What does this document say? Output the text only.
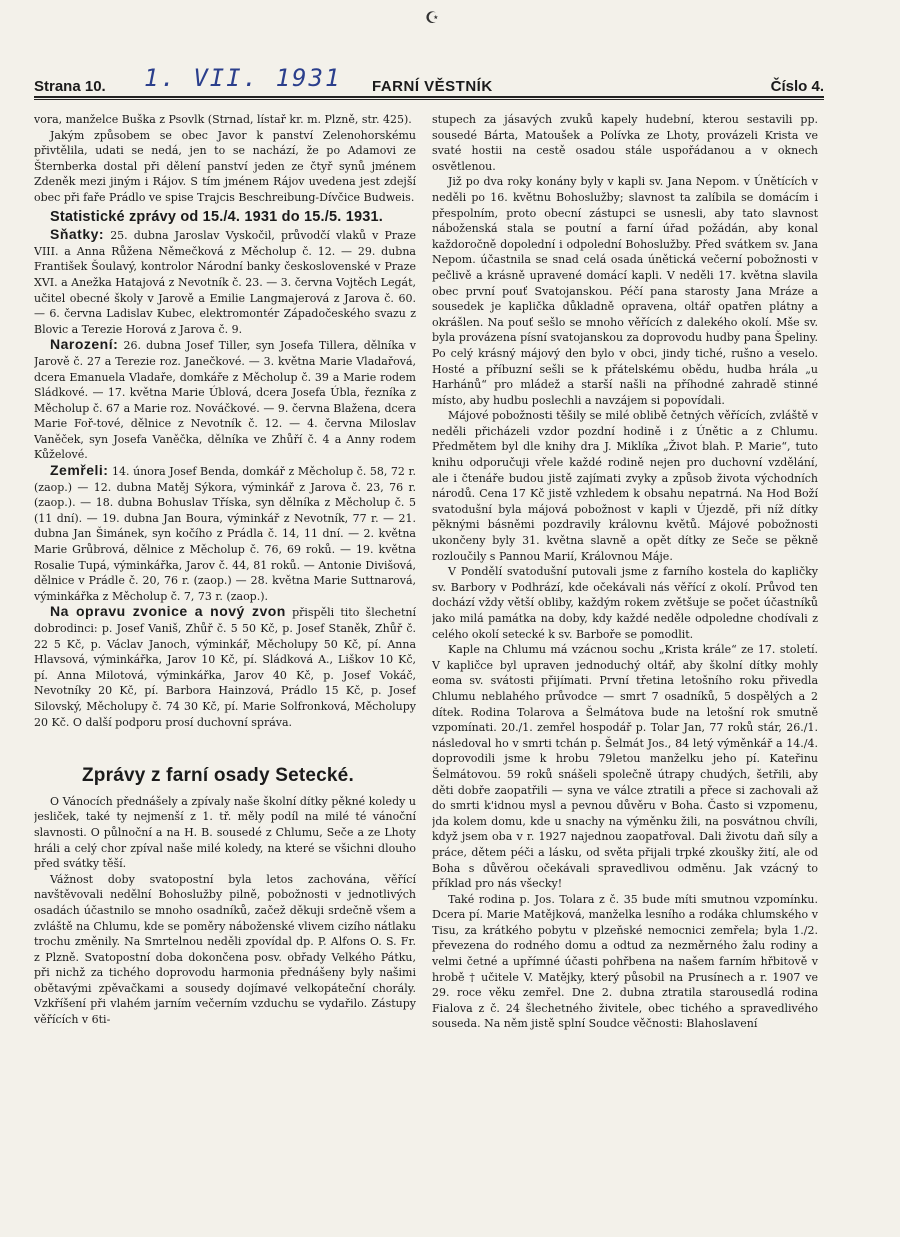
☪
Strana 10. 1. VII. 1931 FARNÍ VĚSTNÍK	Číslo 4.

vora, manželce Buška z Psovlk (Strnad, lístař kr. m. Plzně, str. 425).

Jakým způsobem se obec Javor k panství Zelenohorskému přivtělila, udati se nedá, jen to se nachází, že po Adamovi ze Šternberka dostal při dělení panství jeden ze čtyř synů jménem Zdeněk mezi jiným i Rájov. S tím jménem Rájov uvedena jest zdejší obec při faře Prádlo ve spise Trajcis Beschreibung-Dívčice Budweis.

Statistické zprávy od 15./4. 1931 do 15./5. 1931.

Sňatky: 25. dubna Jaroslav Vyskočil, průvodčí vlaků v Praze VIII. a Anna Růžena Němečková z Měcholup č. 12. — 29. dubna František Šoulavý, kontrolor Národní banky československé v Praze XVI. a Anežka Hatajová z Nevotník č. 23. — 3. června Vojtěch Legát, učitel obecné školy v Jarově a Emilie Langmajerová z Jarova č. 60. — 6. června Ladislav Kubec, elektromontér Západočeského svazu z Blovic a Terezie Horová z Jarova č. 9.

Narození: 26. dubna Josef Tiller, syn Josefa Tillera, dělníka v Jarově č. 27 a Terezie roz. Janečkové. — 3. května Marie Vladařová, dcera Emanuela Vladaře, domkáře z Měcholup č. 39 a Marie rodem Sládkové. — 17. května Marie Úblová, dcera Josefa Úbla, řezníka z Měcholup č. 67 a Marie roz. Nováčkové. — 9. června Blažena, dcera Marie Foř-tové, dělnice z Nevotník č. 12. — 4. června Miloslav Vaněček, syn Josefa Vaněčka, dělníka ve Zhůří č. 4 a Anny rodem Kůželové.

Zemřeli: 14. února Josef Benda, domkář z Měcholup č. 58, 72 r. (zaop.) — 12. dubna Matěj Sýkora, výminkář z Jarova č. 23, 76 r. (zaop.). — 18. dubna Bohuslav Tříska, syn dělníka z Měcholup č. 5 (11 dní). — 19. dubna Jan Boura, výminkář z Nevotník, 77 r. — 21. dubna Jan Šimánek, syn kočího z Prádla č. 14, 11 dní. — 2. května Marie Grůbrová, dělnice z Měcholup č. 76, 69 roků. — 19. května Rosalie Tupá, výminkářka, Jarov č. 44, 81 roků. — Antonie Divišová, dělnice v Prádle č. 20, 76 r. (zaop.) — 28. května Marie Suttnarová, výminkářka z Měcholup č. 7, 73 r. (zaop.).

Na opravu zvonice a nový zvon přispěli tito šlechetní dobrodinci: p. Josef Vaniš, Zhůř č. 5 50 Kč, p. Josef Staněk, Zhůř č. 22 5 Kč, p. Václav Janoch, výminkář, Měcholupy 50 Kč, pí. Anna Hlavsová, výminkářka, Jarov 10 Kč, pí. Sládková A., Liškov 10 Kč, pí. Anna Milotová, výminkářka, Jarov 40 Kč, p. Josef Vokáč, Nevotníky 20 Kč, pí. Barbora Hainzová, Prádlo 15 Kč, p. Josef Silovský, Měcholupy č. 74 30 Kč, pí. Marie Solfronková, Měcholupy 20 Kč. O další podporu prosí duchovní správa.

Zprávy z farní osady Setecké.

O Vánocích přednášely a zpívaly naše školní dítky pěkné koledy u jesliček, také ty nejmenší z 1. tř. měly podíl na milé té vánoční slavnosti. O půlnoční a na H. B. sousedé z Chlumu, Seče a ze Lhoty hráli a celý chor zpíval naše milé koledy, na které se všichni dlouho před svátky těší.

Vážnost doby svatopostní byla letos zachována, věřící navštěvovali nedělní Bohoslužby pilně, pobožnosti v jednotlivých osadách účastnilo se mnoho osadníků, začež děkuji srdečně všem a zvláště na Chlumu, kde se poměry náboženské vlivem cizího nátlaku trochu změnily. Na Smrtelnou neděli zpovídal dp. P. Alfons O. S. Fr. z Plzně. Svatopostní doba dokončena posv. obřady Velkého Pátku, při nichž za tichého doprovodu harmonia přednášeny byly našimi obětavými zpěvačkami a sousedy dojímavé velkopáteční chorály. Vzkříšení při vlahém jarním večerním vzduchu se vydařilo. Zástupy věřících v 6ti-

stupech za jásavých zvuků kapely hudební, kterou sestavili pp. sousedé Bárta, Matoušek a Polívka ze Lhoty, provázeli Krista ve svaté hostii na cestě osadou stále uspořádanou a v oknech osvětlenou.

Již po dva roky konány byly v kapli sv. Jana Nepom. v Únětících v neděli po 16. květnu Bohoslužby; slavnost ta zalíbila se domácím i přespolním, proto obecní zástupci se usnesli, aby tato slavnost náboženská stala se poutní a farní úřad požádán, aby konal každoročně dopolední i odpolední Bohoslužby. Před svátkem sv. Jana Nepom. účastnila se snad celá osada únětická večerní pobožnosti v pečlivě a krásně upravené domácí kapli. V neděli 17. května slavila obec první pouť Svatojanskou. Péčí pana starosty Jana Mráze a sousedek je kaplička důkladně opravena, oltář opatřen plátny a okrášlen. Na pouť sešlo se mnoho věřících z dalekého okolí. Mše sv. byla provázena písní svatojanskou za doprovodu hudby pana Špeliny. Po celý krásný májový den bylo v obci, jindy tiché, rušno a veselo. Hosté a příbuzní sešli se k přátelskému obědu, hudba hrála „u Harhánů“ pro mládež a starší našli na příhodné zahradě stinné místo, aby hudbu poslechli a navzájem si popovídali.

Májové pobožnosti těšily se milé oblibě četných věřících, zvláště v neděli přicházeli vzdor pozdní hodině i z Únětic a z Chlumu. Předmětem byl dle knihy dra J. Miklíka „Život blah. P. Marie“, tuto knihu odporučuji vřele každé rodině nejen pro duchovní vzdělání, ale i čtenáře budou jistě zajímati zvyky a způsob života východních národů. Cena 17 Kč jistě vzhledem k obsahu nepatrná. Na Hod Boží svatodušní byla májová pobožnost v kapli v Újezdě, při níž dítky pěknými básněmi pozdravily královnu květů. Májové pobožnosti ukončeny byly 31. května slavně a opět dítky ze Seče se pěkně rozloučily s Pannou Marií, Královnou Máje.

V Pondělí svatodušní putovali jsme z farního kostela do kapličky sv. Barbory v Podhrází, kde očekávali nás věřící z okolí. Průvod ten dochází vždy větší obliby, každým rokem zvětšuje se počet účastníků jako milá památka na doby, kdy každé neděle odpoledne chodívali z celého okolí setecké k sv. Barboře se pomodlit.

Kaple na Chlumu má vzácnou sochu „Krista krále“ ze 17. století. V kapličce byl upraven jednoduchý oltář, aby školní dítky mohly eoma sv. svátosti přijímati. První třetina letošního roku přivedla Chlumu neblahého průvodce — smrt 7 osadníků, 5 dospělých a 2 dítek. Rodina Tolarova a Šelmátova bude na letošní rok smutně vzpomínati. 20./1. zemřel hospodář p. Tolar Jan, 77 roků stár, 26./1. následoval ho v smrti tchán p. Šelmát Jos., 84 letý výměnkář a 14./4. doprovodili jsme k hrobu 79letou manželku jeho pí. Kateřinu Šelmátovou. 59 roků snášeli společně útrapy chudých, šetřili, aby děti dobře zaopatřili — syna ve válce ztratili a přece si zachovali až do smrti k'idnou mysl a pevnou důvěru v Boha. Často si vzpomenu, jda kolem domu, kde u snachy na výměnku žili, na posvátnou chvíli, když jsem oba v r. 1927 najednou zaopatřoval. Dali životu daň síly a práce, dětem péči a lásku, od světa přijali trpké zkoušky žití, ale od Boha s důvěrou očekávali spravedlivou odměnu. Jak vzácný to příklad pro nás všecky!

Také rodina p. Jos. Tolara z č. 35 bude míti smutnou vzpomínku. Dcera pí. Marie Matějková, manželka lesního a rodáka chlumského v Tisu, za krátkého pobytu v plzeňské nemocnici zemřela; byla 1./2. převezena do rodného domu a odtud za nezměrného žalu rodiny a velmi četné a upřímné účasti pohřbena na našem farním hřbitově v hrobě † učitele V. Matějky, který působil na Prusínech a r. 1907 ve 29. roce věku zemřel. Dne 2. dubna ztratila starousedlá rodina Fialova z č. 24 šlechetného živitele, obec tichého a spravedlivého souseda. Na něm jistě splní Soudce věčnosti: Blahoslavení
